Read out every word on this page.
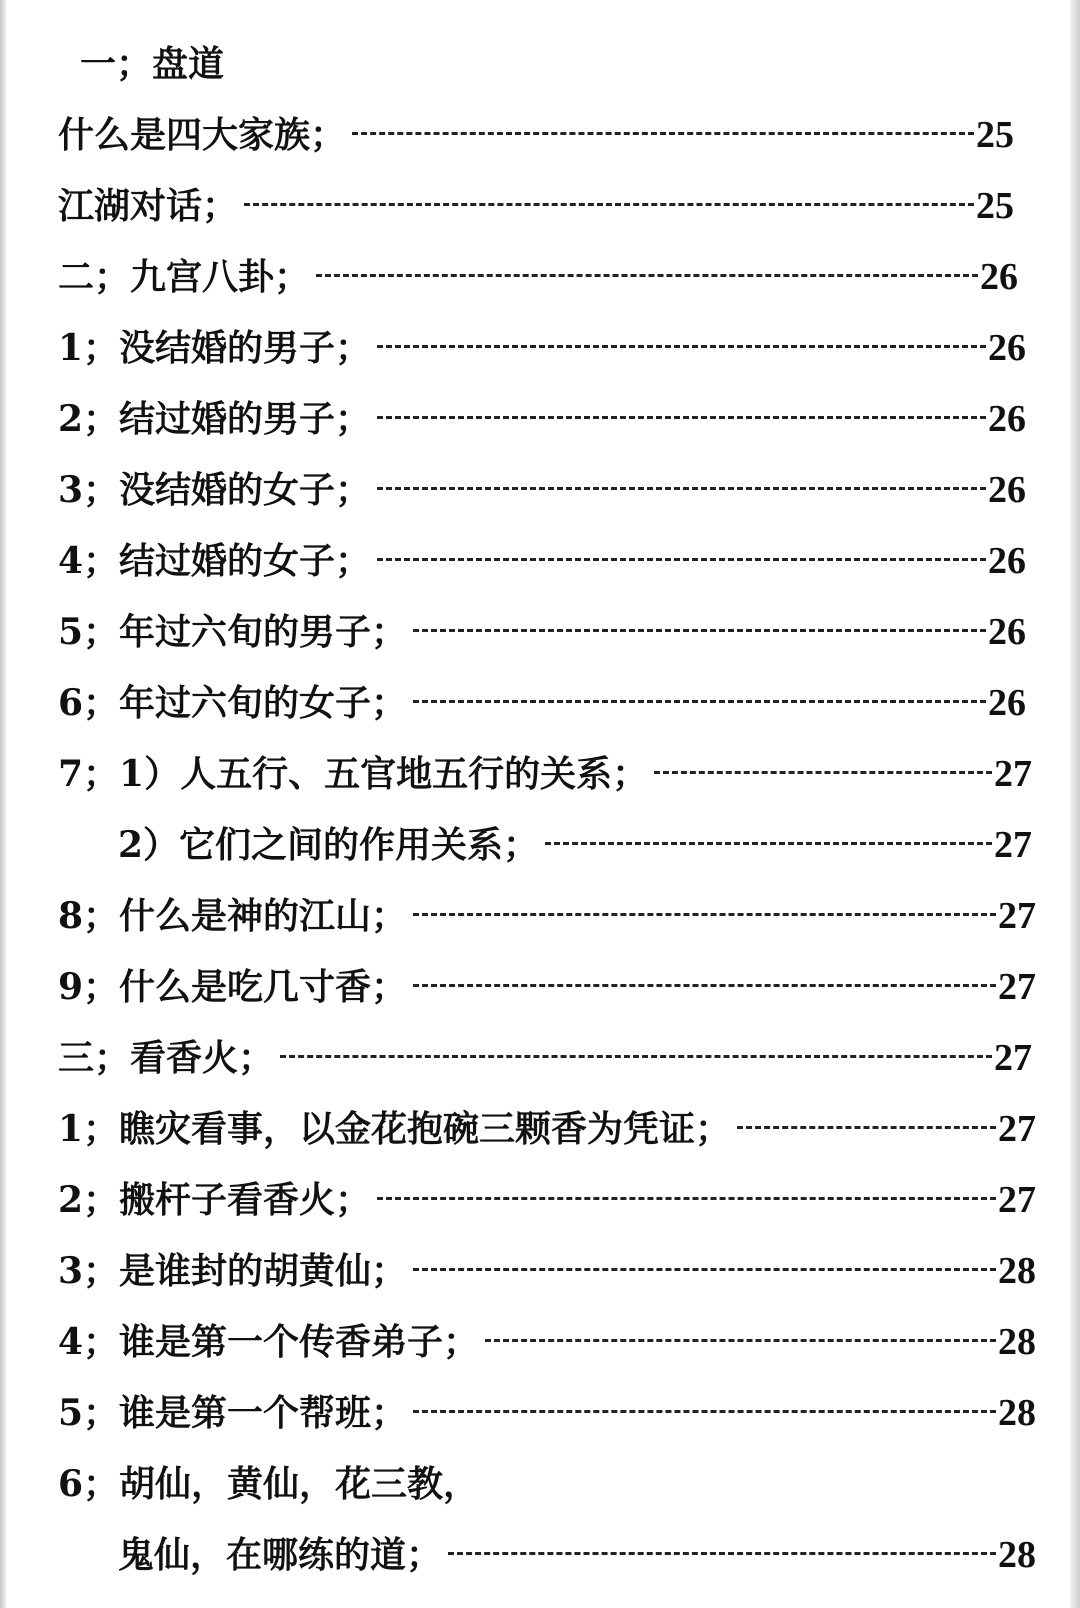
一；盘道
什么是四大家族；	25
江湖对话；	25
二；九宫八卦；	26
1；没结婚的男子；	26
2；结过婚的男子；	26
3；没结婚的女子；	26
4；结过婚的女子；	26
5；年过六旬的男子；	26
6；年过六旬的女子；	26
7；1）人五行、五官地五行的关系；	27
2）它们之间的作用关系；	27
8；什么是神的江山；	27
9；什么是吃几寸香；	27
三；看香火；	27
1；瞧灾看事，以金花抱碗三颗香为凭证；	27
2；搬杆子看香火；	27
3；是谁封的胡黄仙；	28
4；谁是第一个传香弟子；	28
5；谁是第一个帮班；	28
6；胡仙，黄仙，花三教，
鬼仙，在哪练的道；	28
